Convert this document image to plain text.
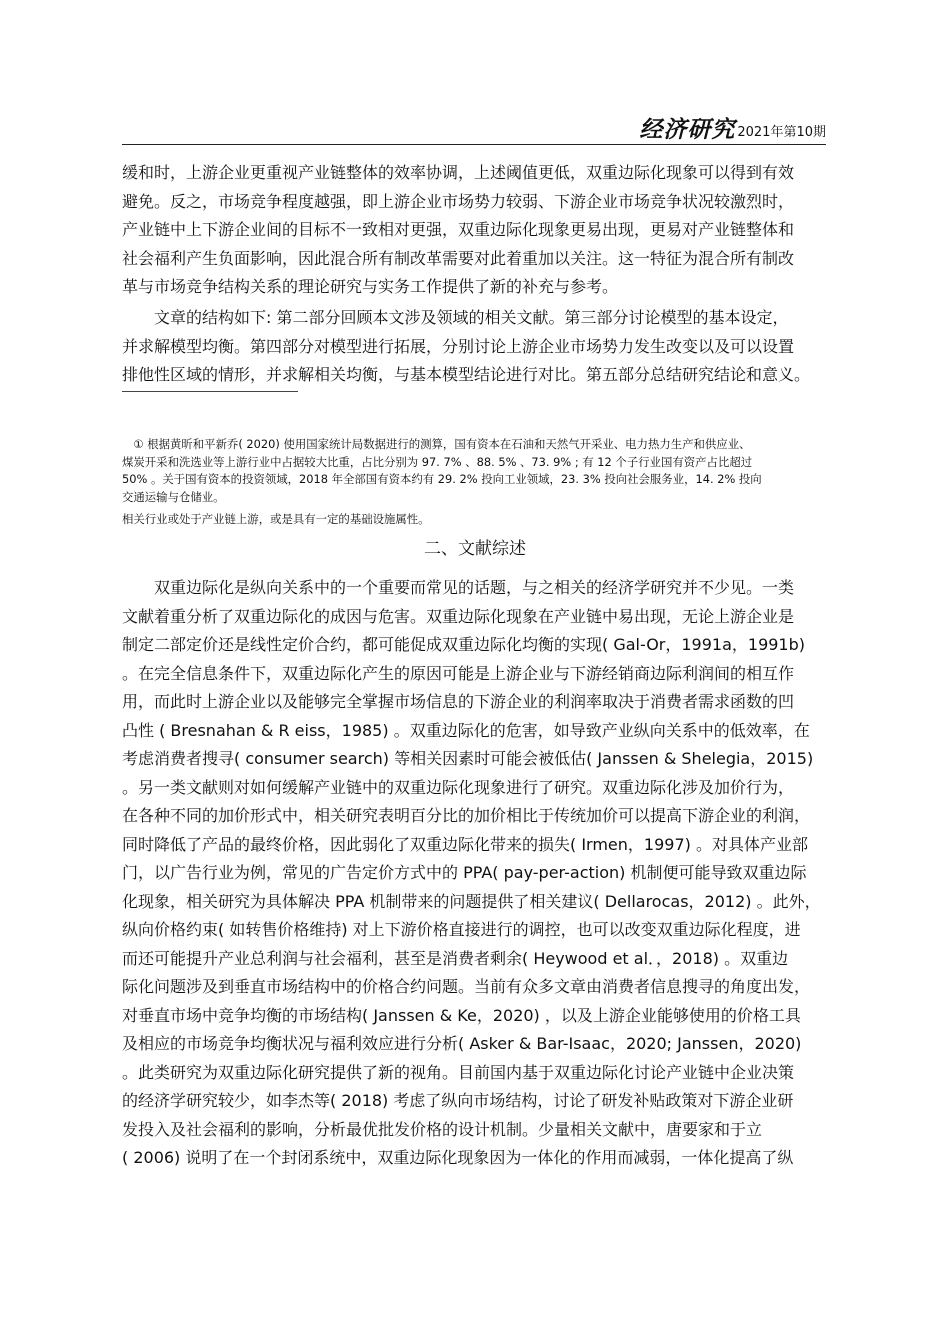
经济研究 2021年第10期
缓和时，上游企业更重视产业链整体的效率协调，上述阈值更低，双重边际化现象可以得到有效
避免。反之，市场竞争程度越强，即上游企业市场势力较弱、下游企业市场竞争状况较激烈时，
产业链中上下游企业间的目标不一致相对更强，双重边际化现象更易出现，更易对产业链整体和
社会福利产生负面影响，因此混合所有制改革需要对此着重加以关注。这一特征为混合所有制改
革与市场竞争结构关系的理论研究与实务工作提供了新的补充与参考。
　　文章的结构如下: 第二部分回顾本文涉及领域的相关文献。第三部分讨论模型的基本设定，
并求解模型均衡。第四部分对模型进行拓展，分别讨论上游企业市场势力发生改变以及可以设置
排他性区域的情形，并求解相关均衡，与基本模型结论进行对比。第五部分总结研究结论和意义。
　① 根据黄昕和平新乔( 2020) 使用国家统计局数据进行的测算，国有资本在石油和天然气开采业、电力热力生产和供应业、
煤炭开采和洗选业等上游行业中占据较大比重，占比分别为 97. 7% 、88. 5% 、73. 9% ; 有 12 个子行业国有资产占比超过
50% 。关于国有资本的投资领域，2018 年全部国有资本约有 29. 2% 投向工业领域，23. 3% 投向社会服务业，14. 2% 投向
交通运输与仓储业。
相关行业或处于产业链上游，或是具有一定的基础设施属性。
二、文献综述
　　双重边际化是纵向关系中的一个重要而常见的话题，与之相关的经济学研究并不少见。一类
文献着重分析了双重边际化的成因与危害。双重边际化现象在产业链中易出现，无论上游企业是
制定二部定价还是线性定价合约，都可能促成双重边际化均衡的实现( Gal-Or，1991a，1991b)
。在完全信息条件下，双重边际化产生的原因可能是上游企业与下游经销商边际利润间的相互作
用，而此时上游企业以及能够完全掌握市场信息的下游企业的利润率取决于消费者需求函数的凹
凸性 ( Bresnahan & R eiss，1985) 。双重边际化的危害，如导致产业纵向关系中的低效率，在
考虑消费者搜寻( consumer search) 等相关因素时可能会被低估( Janssen & Shelegia，2015)
。另一类文献则对如何缓解产业链中的双重边际化现象进行了研究。双重边际化涉及加价行为，
在各种不同的加价形式中，相关研究表明百分比的加价相比于传统加价可以提高下游企业的利润，
同时降低了产品的最终价格，因此弱化了双重边际化带来的损失( Irmen，1997) 。对具体产业部
门，以广告行业为例，常见的广告定价方式中的 PPA( pay-per-action) 机制便可能导致双重边际
化现象，相关研究为具体解决 PPA 机制带来的问题提供了相关建议( Dellarocas，2012) 。此外，
纵向价格约束( 如转售价格维持) 对上下游价格直接进行的调控，也可以改变双重边际化程度，进
而还可能提升产业总利润与社会福利，甚至是消费者剩余( Heywood et al．，2018) 。双重边
际化问题涉及到垂直市场结构中的价格合约问题。当前有众多文章由消费者信息搜寻的角度出发，
对垂直市场中竞争均衡的市场结构( Janssen & Ke，2020) ，以及上游企业能够使用的价格工具
及相应的市场竞争均衡状况与福利效应进行分析( Asker & Bar-Isaac，2020; Janssen，2020)
。此类研究为双重边际化研究提供了新的视角。目前国内基于双重边际化讨论产业链中企业决策
的经济学研究较少，如李杰等( 2018) 考虑了纵向市场结构，讨论了研发补贴政策对下游企业研
发投入及社会福利的影响，分析最优批发价格的设计机制。少量相关文献中，唐要家和于立
( 2006) 说明了在一个封闭系统中，双重边际化现象因为一体化的作用而减弱，一体化提高了纵
